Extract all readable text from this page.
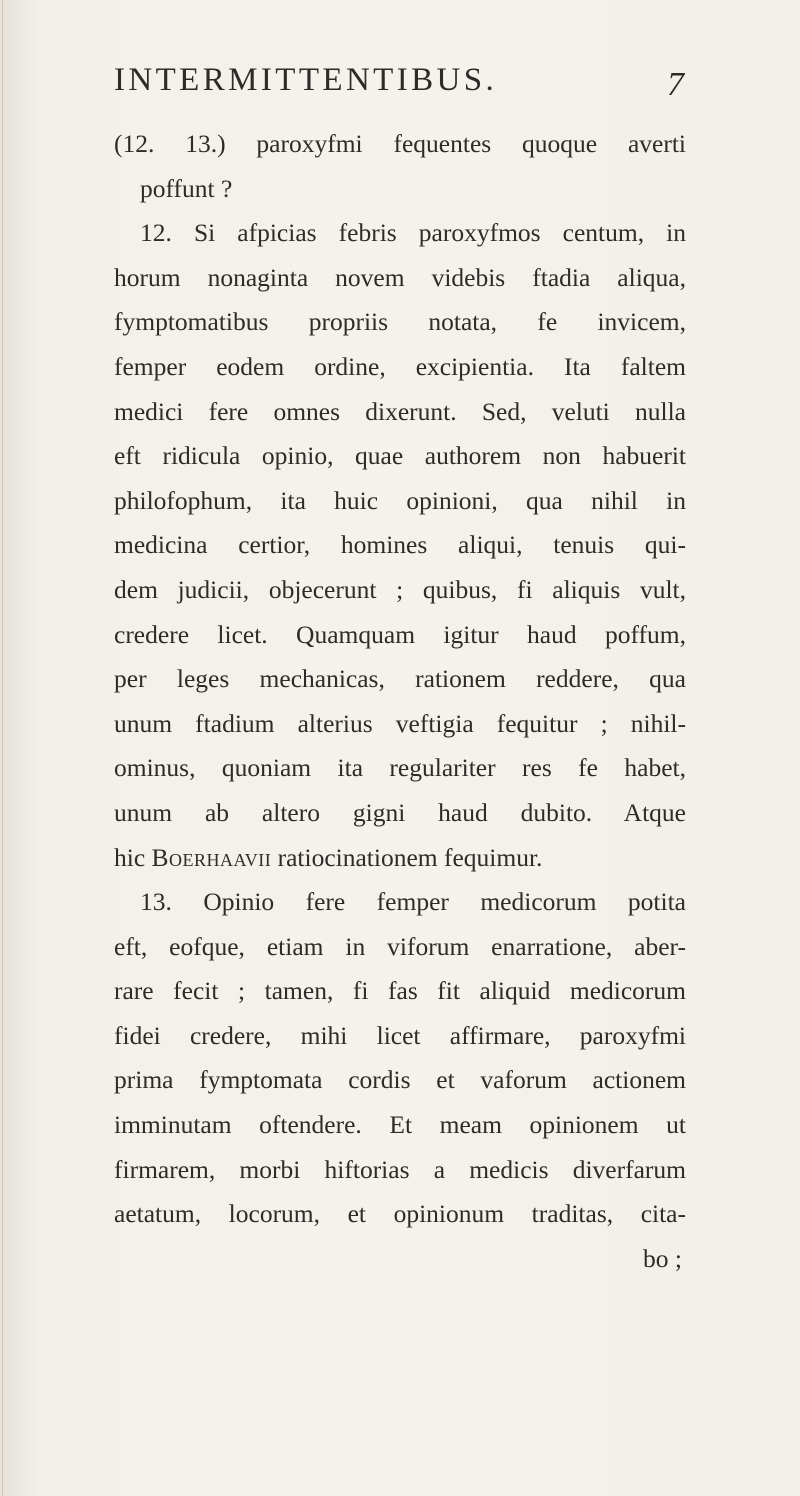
INTERMITTENTIBUS.	7
(12. 13.) paroxyfmi fequentes quoque averti
poffunt ?
12. Si afpicias febris paroxyfmos centum, in
horum nonaginta novem videbis ftadia aliqua,
fymptomatibus propriis notata, fe invicem,
femper eodem ordine, excipientia. Ita faltem
medici fere omnes dixerunt. Sed, veluti nulla
eft ridicula opinio, quae authorem non habuerit
philofophum, ita huic opinioni, qua nihil in
medicina certior, homines aliqui, tenuis qui-
dem judicii, objecerunt ; quibus, fi aliquis vult,
credere licet. Quamquam igitur haud poffum,
per leges mechanicas, rationem reddere, qua
unum ftadium alterius veftigia fequitur ; nihil-
ominus, quoniam ita regulariter res fe habet,
unum ab altero gigni haud dubito. Atque
hic Boerhaavii ratiocinationem fequimur.
13. Opinio fere femper medicorum potita
eft, eofque, etiam in viforum enarratione, aber-
rare fecit ; tamen, fi fas fit aliquid medicorum
fidei credere, mihi licet affirmare, paroxyfmi
prima fymptomata cordis et vaforum actionem
imminutam oftendere. Et meam opinionem ut
firmarem, morbi hiftorias a medicis diverfarum
aetatum, locorum, et opinionum traditas, cita-
bo ;
